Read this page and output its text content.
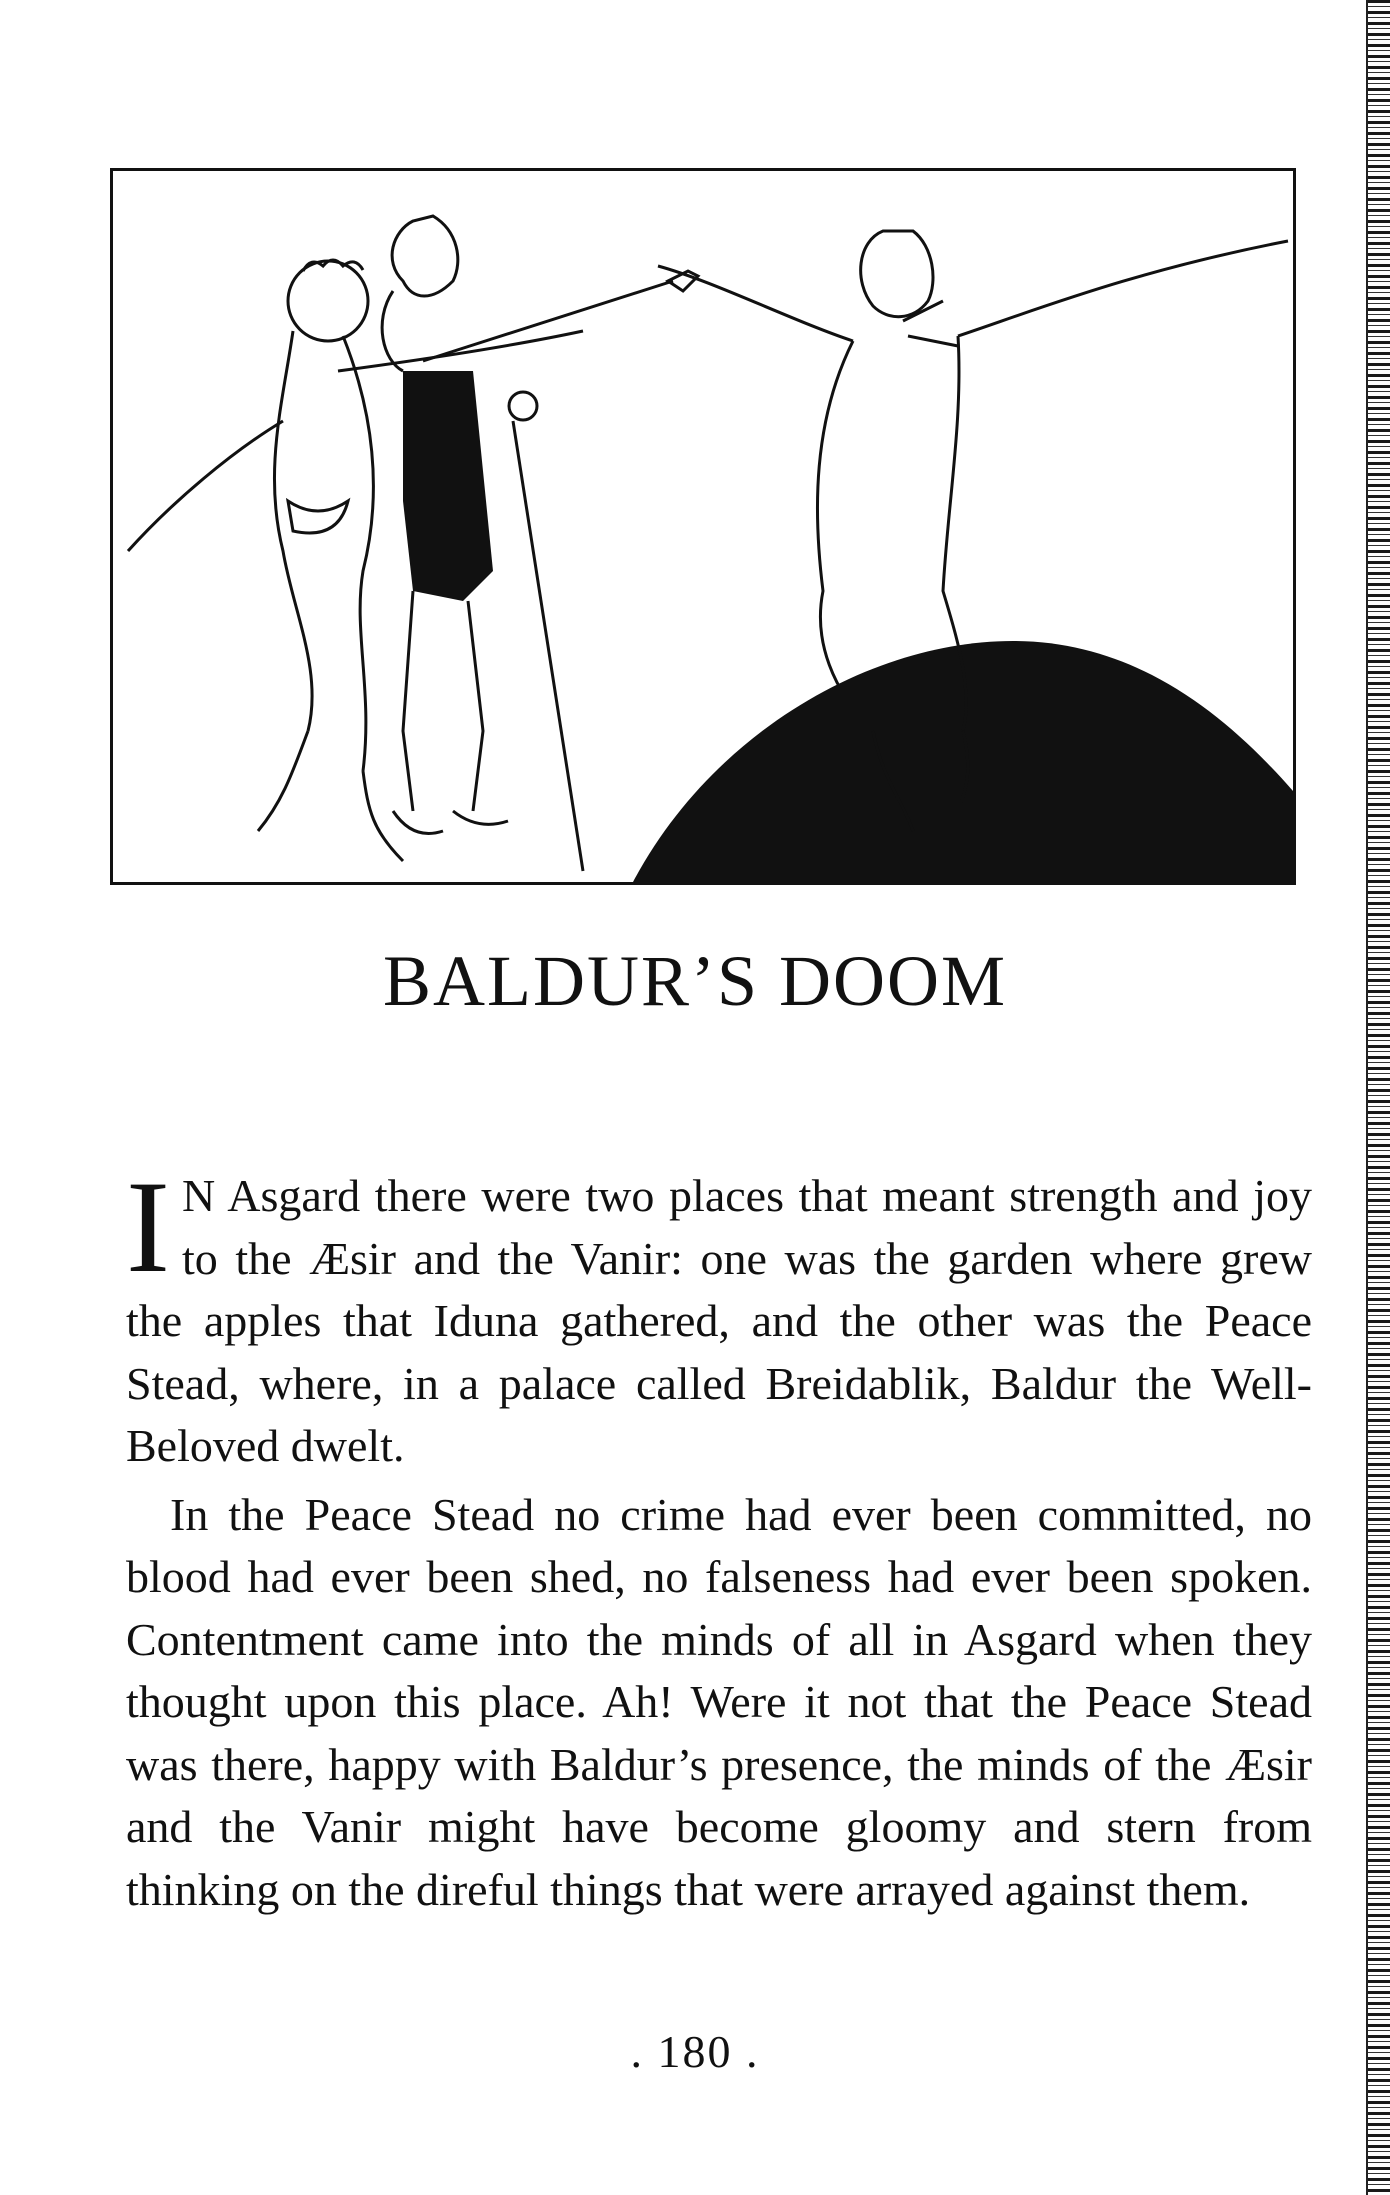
BALDUR’S DOOM

I N Asgard there were two places that meant strength and joy to the Æsir and the Vanir: one was the garden where grew the apples that Iduna gathered, and the other was the Peace Stead, where, in a palace called Breidablik, Baldur the Well-Beloved dwelt.

In the Peace Stead no crime had ever been committed, no blood had ever been shed, no falseness had ever been spoken. Contentment came into the minds of all in Asgard when they thought upon this place. Ah! Were it not that the Peace Stead was there, happy with Baldur’s presence, the minds of the Æsir and the Vanir might have become gloomy and stern from thinking on the direful things that were arrayed against them.

. 180 .
